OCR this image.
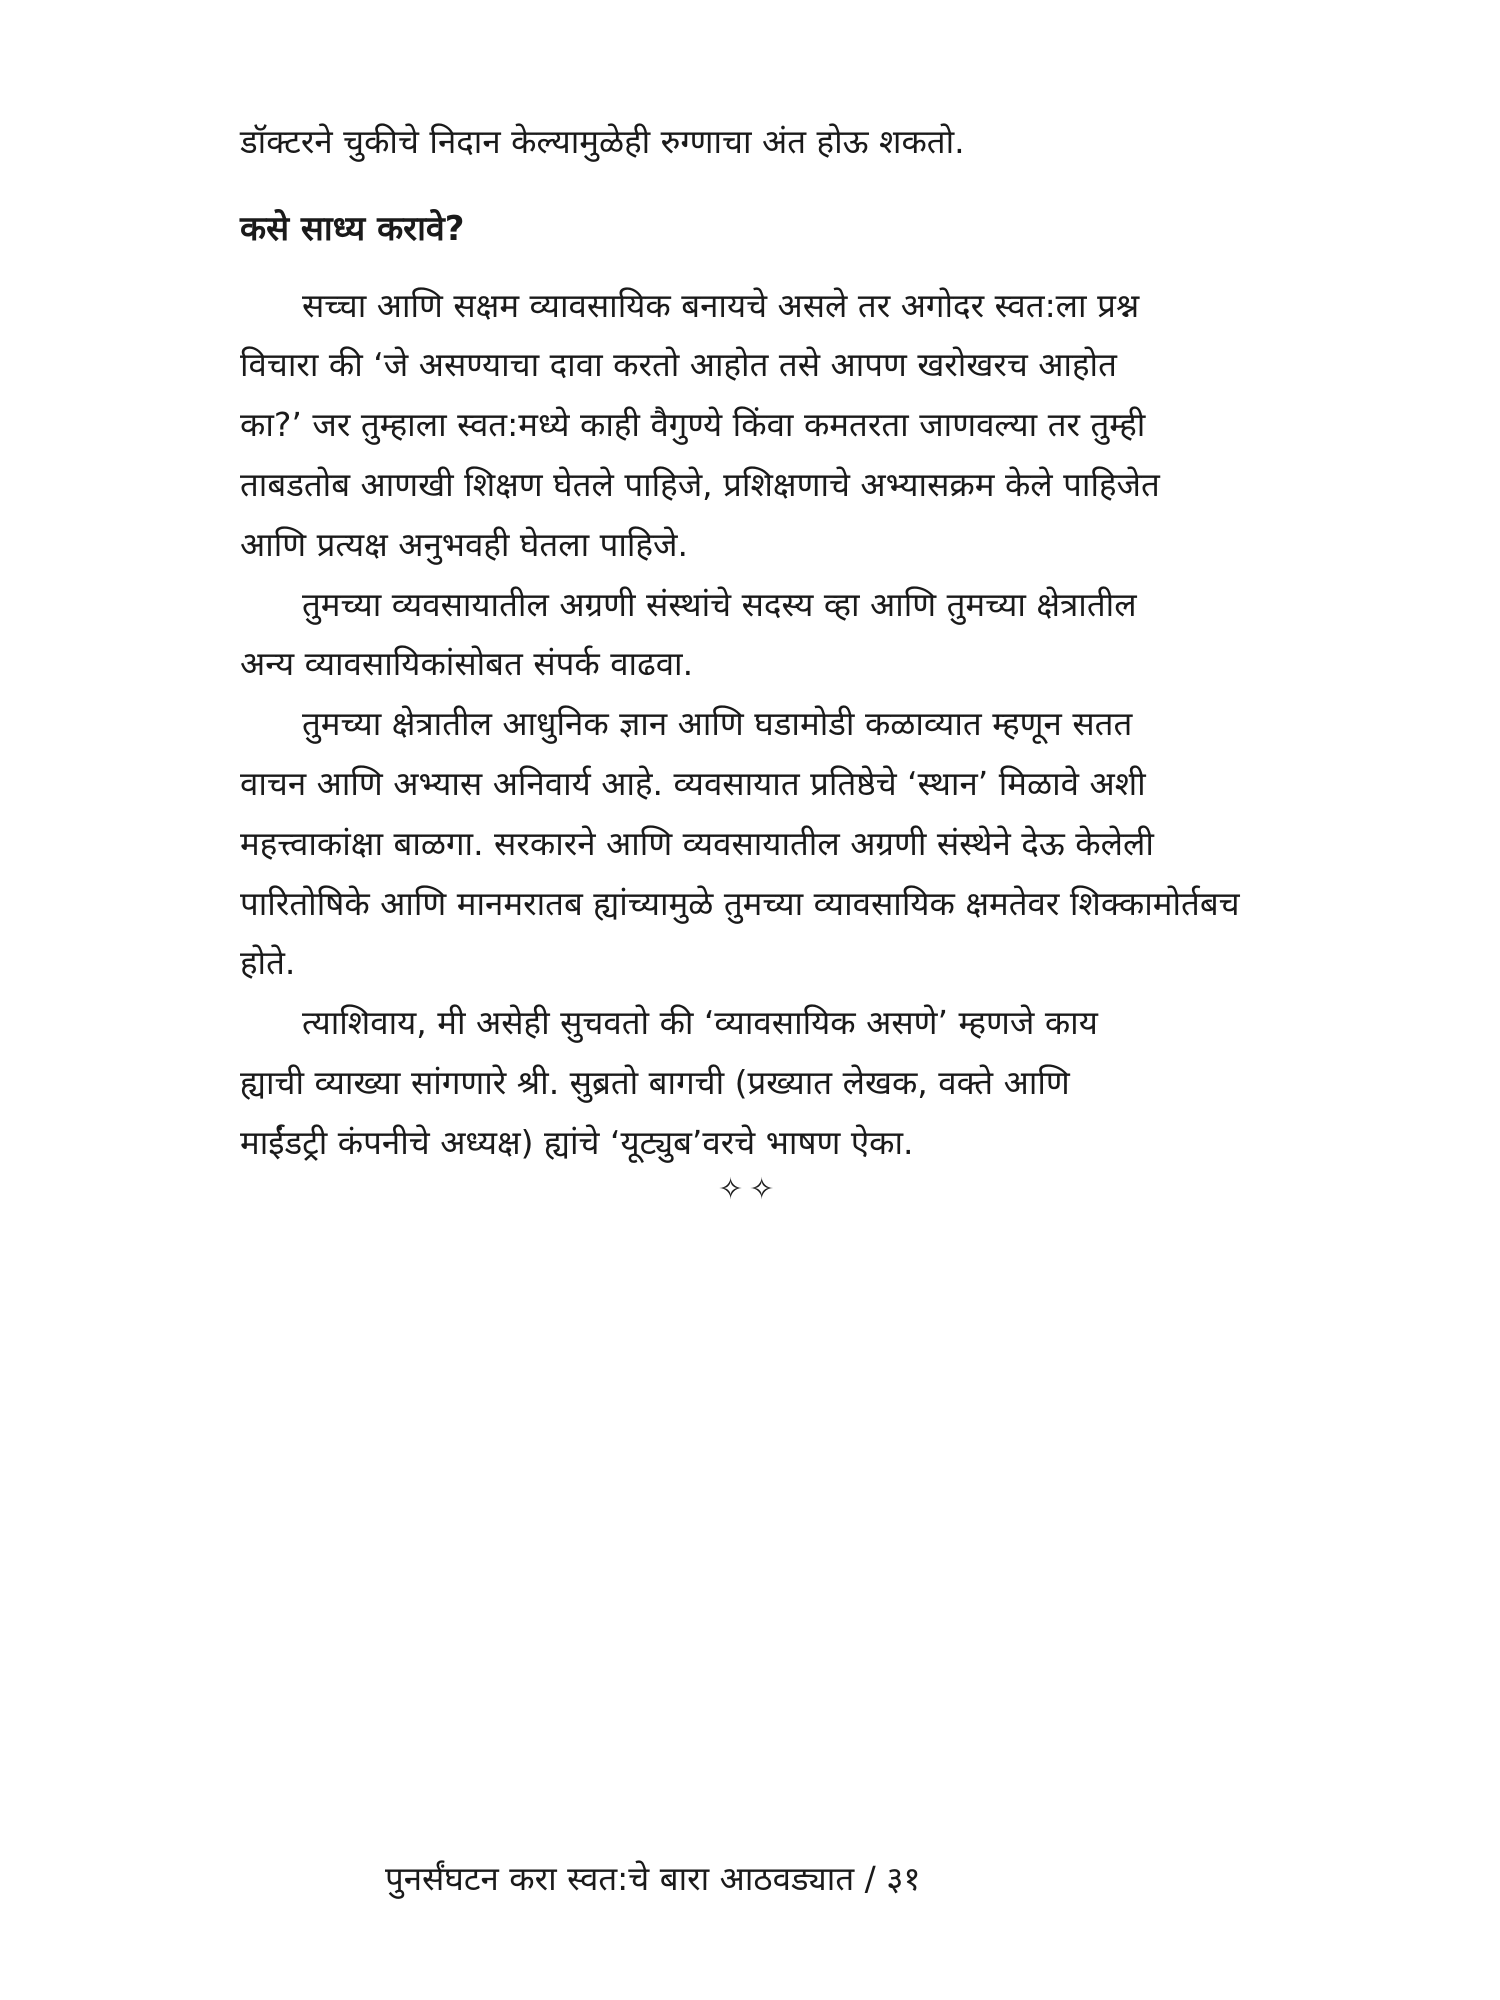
डॉक्टरने चुकीचे निदान केल्यामुळेही रुग्णाचा अंत होऊ शकतो.
कसे साध्य करावे?
सच्चा आणि सक्षम व्यावसायिक बनायचे असले तर अगोदर स्वत:ला प्रश्न
विचारा की ‘जे असण्याचा दावा करतो आहोत तसे आपण खरोखरच आहोत
का?’ जर तुम्हाला स्वत:मध्ये काही वैगुण्ये किंवा कमतरता जाणवल्या तर तुम्ही
ताबडतोब आणखी शिक्षण घेतले पाहिजे, प्रशिक्षणाचे अभ्यासक्रम केले पाहिजेत
आणि प्रत्यक्ष अनुभवही घेतला पाहिजे.
तुमच्या व्यवसायातील अग्रणी संस्थांचे सदस्य व्हा आणि तुमच्या क्षेत्रातील
अन्य व्यावसायिकांसोबत संपर्क वाढवा.
तुमच्या क्षेत्रातील आधुनिक ज्ञान आणि घडामोडी कळाव्यात म्हणून सतत
वाचन आणि अभ्यास अनिवार्य आहे. व्यवसायात प्रतिष्ठेचे ‘स्थान’ मिळावे अशी
महत्त्वाकांक्षा बाळगा. सरकारने आणि व्यवसायातील अग्रणी संस्थेने देऊ केलेली
पारितोषिके आणि मानमरातब ह्यांच्यामुळे तुमच्या व्यावसायिक क्षमतेवर शिक्कामोर्तबच
होते.
त्याशिवाय, मी असेही सुचवतो की ‘व्यावसायिक असणे’ म्हणजे काय
ह्याची व्याख्या सांगणारे श्री. सुब्रतो बागची (प्रख्यात लेखक, वक्ते आणि
माईंडट्री कंपनीचे अध्यक्ष) ह्यांचे ‘यूट्युब’वरचे भाषण ऐका.
✧✧
पुनर्संघटन करा स्वत:चे बारा आठवड्यात / ३१
